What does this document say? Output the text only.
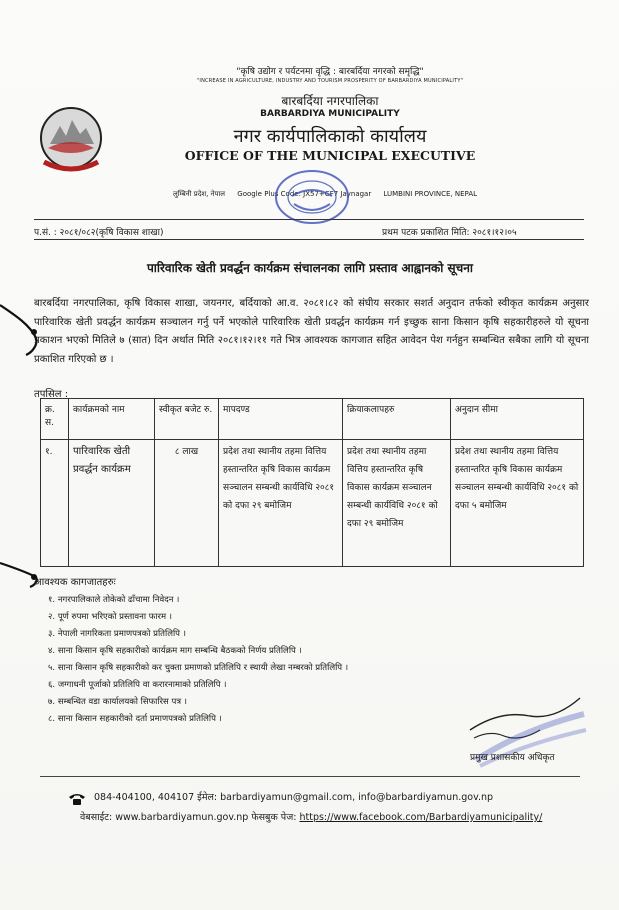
"कृषि उद्योग र पर्यटनमा वृद्धि : बारबर्दिया नगरको समृद्धि"
"INCREASE IN AGRICULTURE, INDUSTRY AND TOURISM PROSPERITY OF BARBARDIYA MUNICIPALITY"
बारबर्दिया नगरपालिका
BARBARDIYA MUNICIPALITY
नगर कार्यपालिकाको कार्यालय
OFFICE OF THE MUNICIPAL EXECUTIVE
लुम्बिनी प्रदेश, नेपाल Google Plus Code: JX57+CF7 Jaynagar LUMBINI PROVINCE, NEPAL
प.सं. : २०८१/०८२(कृषि विकास शाखा)	प्रथम पटक प्रकाशित मिति: २०८१।१२।०५
पारिवारिक खेती प्रवर्द्धन कार्यक्रम संचालनका लागि प्रस्ताव आह्वानको सूचना
बारबर्दिया नगरपालिका, कृषि विकास शाखा, जयनगर, बर्दियाको आ.व. २०८१।८२ को संघीय सरकार सशर्त अनुदान तर्फको स्वीकृत कार्यक्रम अनुसार पारिवारिक खेती प्रवर्द्धन कार्यक्रम सञ्चालन गर्नु पर्ने भएकोले पारिवारिक खेती प्रवर्द्धन कार्यक्रम गर्न इच्छुक साना किसान कृषि सहकारीहरुले यो सूचना प्रकाशन भएको मितिले ७ (सात) दिन अर्थात मिति २०८१।१२।११ गते भित्र आवश्यक कागजात सहित आवेदन पेश गर्नहुन सम्बन्धित सबैका लागि यो सूचना प्रकाशित गरिएको छ ।
तपसिल :
क्र. स.	कार्यक्रमको नाम	स्वीकृत बजेट रु.	मापदण्ड	क्रियाकलापहरु	अनुदान सीमा
१.	पारिवारिक खेती प्रवर्द्धन कार्यक्रम	८ लाख	प्रदेश तथा स्थानीय तहमा वित्तिय हस्तान्तरित कृषि विकास कार्यक्रम सञ्चालन सम्बन्धी कार्यविधि २०८१ को दफा २९ बमोजिम	प्रदेश तथा स्थानीय तहमा वित्तिय हस्तान्तरित कृषि विकास कार्यक्रम सञ्चालन सम्बन्धी कार्यविधि २०८१ को दफा २९ बमोजिम	प्रदेश तथा स्थानीय तहमा वित्तिय हस्तान्तरित कृषि विकास कार्यक्रम सञ्चालन सम्बन्धी कार्यविधि २०८१ को दफा ५ बमोजिम
आवश्यक कागजातहरुः
१. नगरपालिकाले तोकेको ढाँचामा निवेदन ।
२. पूर्ण रुपमा भरिएको प्रस्तावना फारम ।
३. नेपाली नागरिकता प्रमाणपत्रको प्रतिलिपि ।
४. साना किसान कृषि सहकारीको कार्यक्रम माग सम्बन्धि बैठकको निर्णय प्रतिलिपि ।
५. साना किसान कृषि सहकारीको कर चुक्ता प्रमाणको प्रतिलिपि र स्थायी लेखा नम्बरको प्रतिलिपि ।
६. जग्गाधनी पूर्जाको प्रतिलिपि वा करारनामाको प्रतिलिपि ।
७. सम्बन्धित वडा कार्यालयको सिफारिस पत्र ।
८. साना किसान सहकारीको दर्ता प्रमाणपत्रको प्रतिलिपि ।
प्रमुख प्रशासकीय अधिकृत
084-404100, 404107 ईमेल: barbardiyamun@gmail.com, info@barbardiyamun.gov.np
वेबसाईट: www.barbardiyamun.gov.np फेसबुक पेज: https://www.facebook.com/Barbardiyamunicipality/
